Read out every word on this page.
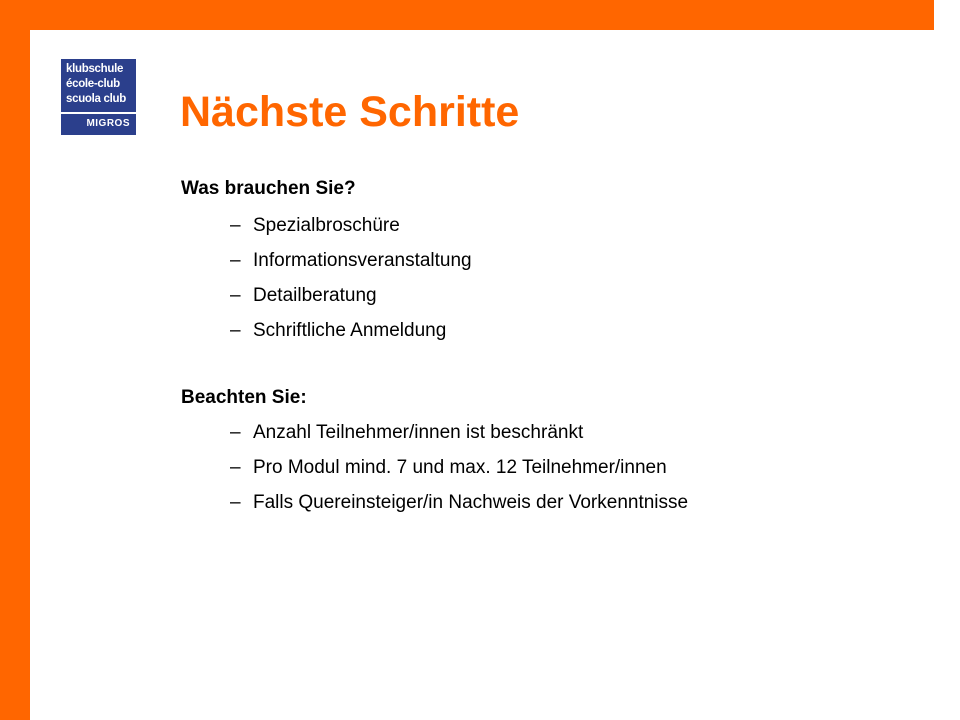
klubschule
école-club
scuola club
MIGROS Nächste Schritte
Was brauchen Sie?
– Spezialbroschüre
– Informationsveranstaltung
– Detailberatung
– Schriftliche Anmeldung
Beachten Sie:
– Anzahl Teilnehmer/innen ist beschränkt
– Pro Modul mind. 7 und max. 12 Teilnehmer/innen
– Falls Quereinsteiger/in Nachweis der Vorkenntnisse
